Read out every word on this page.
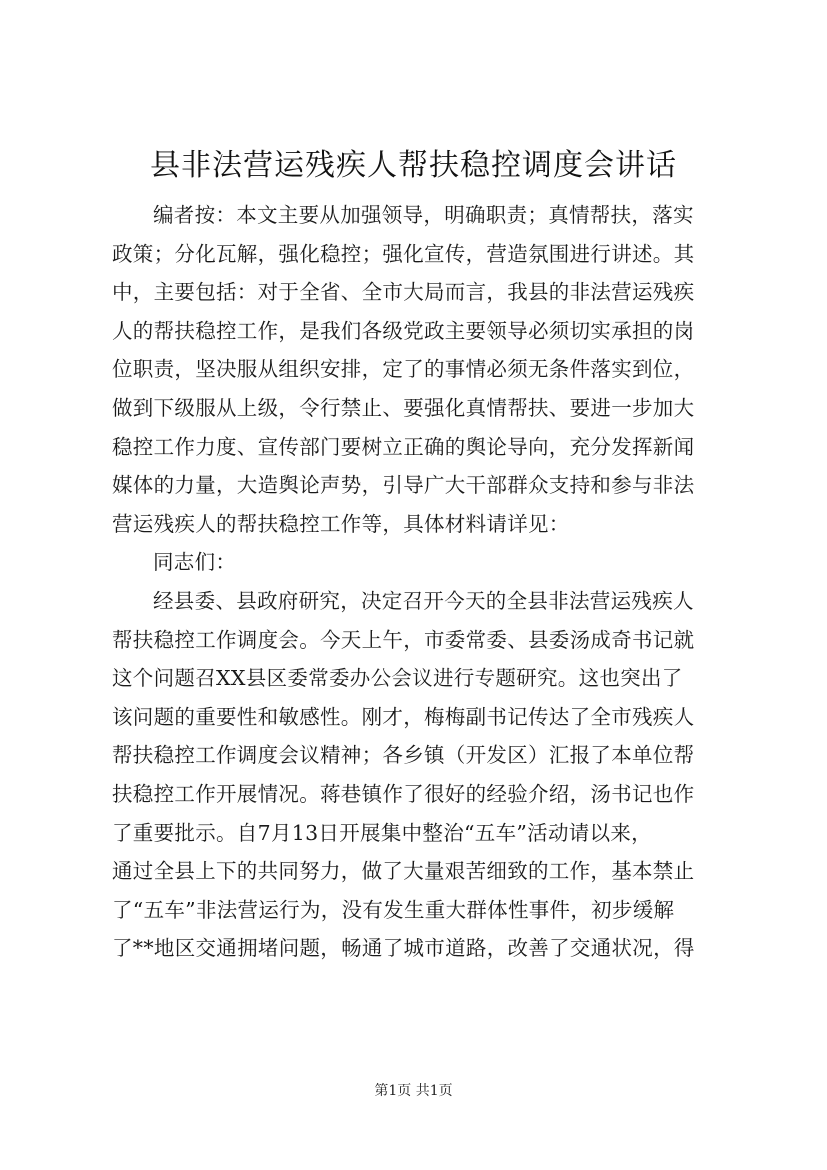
县非法营运残疾人帮扶稳控调度会讲话

编者按：本文主要从加强领导，明确职责；真情帮扶，落实
政策；分化瓦解，强化稳控；强化宣传，营造氛围进行讲述。其
中，主要包括：对于全省、全市大局而言，我县的非法营运残疾
人的帮扶稳控工作，是我们各级党政主要领导必须切实承担的岗
位职责，坚决服从组织安排，定了的事情必须无条件落实到位，
做到下级服从上级，令行禁止、要强化真情帮扶、要进一步加大
稳控工作力度、宣传部门要树立正确的舆论导向，充分发挥新闻
媒体的力量，大造舆论声势，引导广大干部群众支持和参与非法
营运残疾人的帮扶稳控工作等，具体材料请详见：

同志们：

经县委、县政府研究，决定召开今天的全县非法营运残疾人
帮扶稳控工作调度会。今天上午，市委常委、县委汤成奇书记就
这个问题召XX县区委常委办公会议进行专题研究。这也突出了
该问题的重要性和敏感性。刚才，梅梅副书记传达了全市残疾人
帮扶稳控工作调度会议精神；各乡镇（开发区）汇报了本单位帮
扶稳控工作开展情况。蒋巷镇作了很好的经验介绍，汤书记也作
了重要批示。自7月13日开展集中整治“五车”活动请以来，
通过全县上下的共同努力，做了大量艰苦细致的工作，基本禁止
了“五车”非法营运行为，没有发生重大群体性事件，初步缓解
了**地区交通拥堵问题，畅通了城市道路，改善了交通状况，得

第1页 共1页
